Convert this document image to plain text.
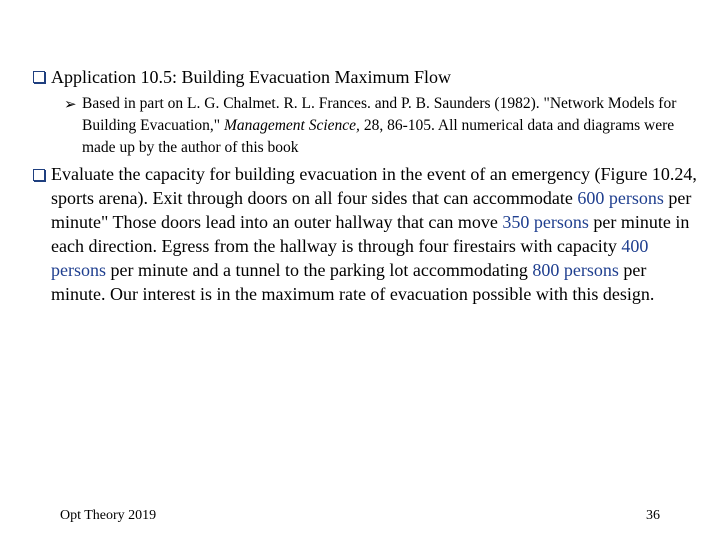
Application 10.5: Building Evacuation Maximum Flow
➢ Based in part on L. G. Chalmet. R. L. Frances. and P. B. Saunders (1982). "Network Models for Building Evacuation," Management Science, 28, 86-105. All numerical data and diagrams were made up by the author of this book
Evaluate the capacity for building evacuation in the event of an emergency (Figure 10.24, sports arena). Exit through doors on all four sides that can accommodate 600 persons per minute" Those doors lead into an outer hallway that can move 350 persons per minute in each direction. Egress from the hallway is through four firestairs with capacity 400 persons per minute and a tunnel to the parking lot accommodating 800 persons per minute. Our interest is in the maximum rate of evacuation possible with this design.
Opt Theory 2019	36
